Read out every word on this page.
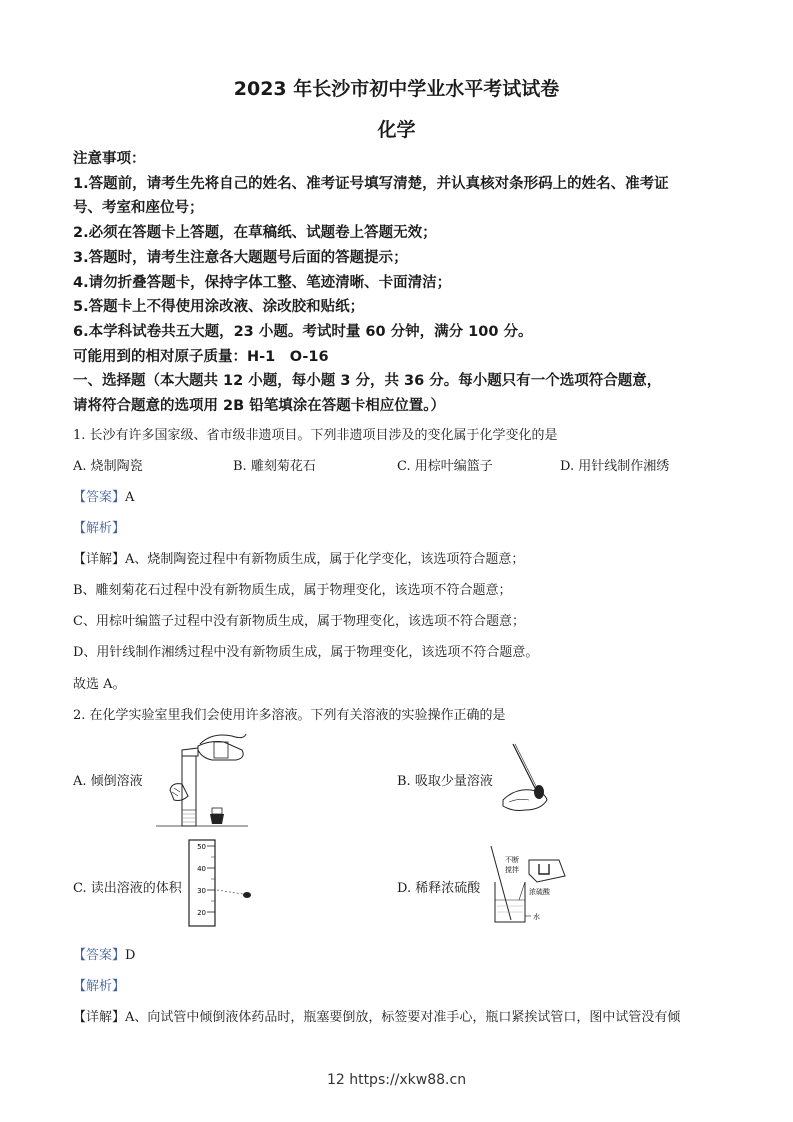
2023 年长沙市初中学业水平考试试卷
化学
注意事项：
1.答题前，请考生先将自己的姓名、准考证号填写清楚，并认真核对条形码上的姓名、准考证
号、考室和座位号；
2.必须在答题卡上答题，在草稿纸、试题卷上答题无效；
3.答题时，请考生注意各大题题号后面的答题提示；
4.请勿折叠答题卡，保持字体工整、笔迹清晰、卡面清洁；
5.答题卡上不得使用涂改液、涂改胶和贴纸；
6.本学科试卷共五大题，23 小题。考试时量 60 分钟，满分 100 分。
可能用到的相对原子质量：H-1　O-16
一、选择题（本大题共 12 小题，每小题 3 分，共 36 分。每小题只有一个选项符合题意，
请将符合题意的选项用 2B 铅笔填涂在答题卡相应位置。）
1. 长沙有许多国家级、省市级非遗项目。下列非遗项目涉及的变化属于化学变化的是
A. 烧制陶瓷	B. 雕刻菊花石	C. 用棕叶编篮子	D. 用针线制作湘绣
【答案】A
【解析】
【详解】A、烧制陶瓷过程中有新物质生成，属于化学变化，该选项符合题意；
B、雕刻菊花石过程中没有新物质生成，属于物理变化，该选项不符合题意；
C、用棕叶编篮子过程中没有新物质生成，属于物理变化，该选项不符合题意；
D、用针线制作湘绣过程中没有新物质生成，属于物理变化，该选项不符合题意。
故选 A。
2. 在化学实验室里我们会使用许多溶液。下列有关溶液的实验操作正确的是
A. 倾倒溶液	B. 吸取少量溶液
50
40
30
20
C. 读出溶液的体积
不断
搅拌
浓硫酸
水
D. 稀释浓硫酸
【答案】D
【解析】
【详解】A、向试管中倾倒液体药品时，瓶塞要倒放，标签要对准手心，瓶口紧挨试管口，图中试管没有倾
12 https://xkw88.cn
